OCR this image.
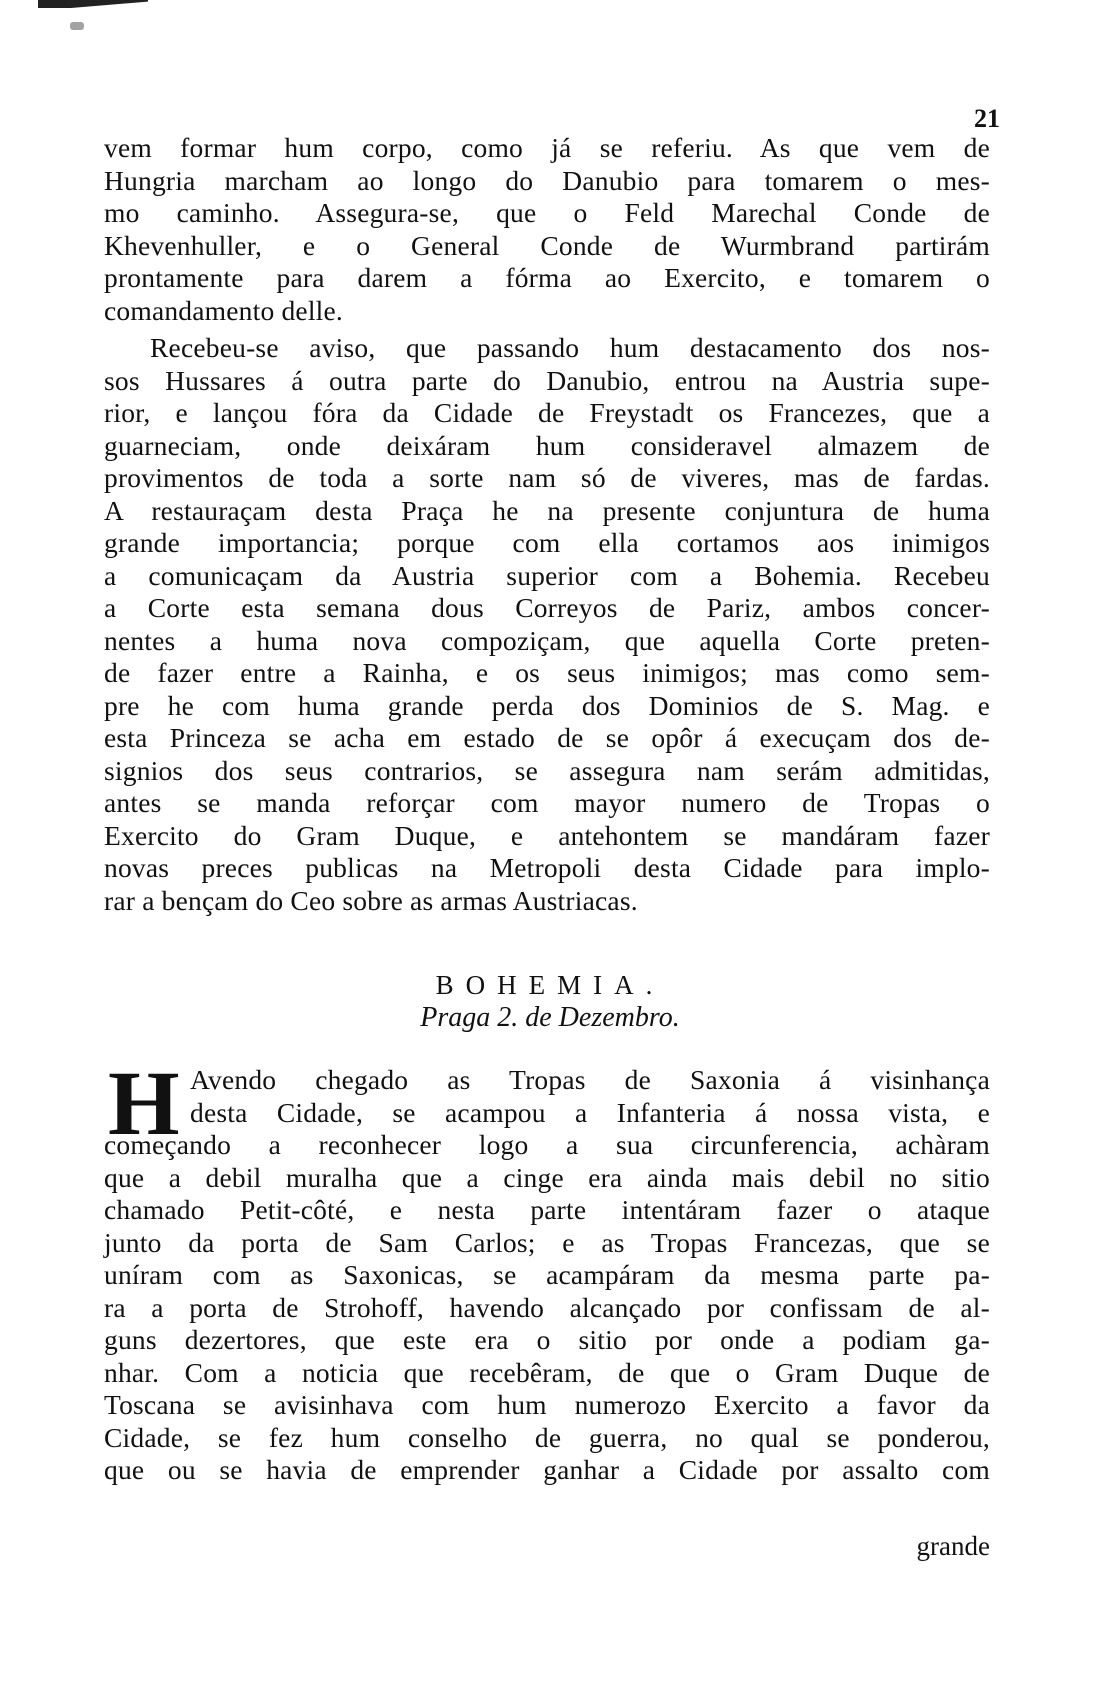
21
vem formar hum corpo, como já se referiu. As que vem de
Hungria marcham ao longo do Danubio para tomarem o mes-
mo caminho. Assegura-se, que o Feld Marechal Conde de
Khevenhuller, e o General Conde de Wurmbrand partirám
prontamente para darem a fórma ao Exercito, e tomarem o
comandamento delle.
Recebeu-se aviso, que passando hum destacamento dos nos-
sos Hussares á outra parte do Danubio, entrou na Austria supe-
rior, e lançou fóra da Cidade de Freystadt os Francezes, que a
guarneciam, onde deixáram hum consideravel almazem de
provimentos de toda a sorte nam só de viveres, mas de fardas.
A restauraçam desta Praça he na presente conjuntura de huma
grande importancia; porque com ella cortamos aos inimigos
a comunicaçam da Austria superior com a Bohemia. Recebeu
a Corte esta semana dous Correyos de Pariz, ambos concer-
nentes a huma nova compoziçam, que aquella Corte preten-
de fazer entre a Rainha, e os seus inimigos; mas como sem-
pre he com huma grande perda dos Dominios de S. Mag. e
esta Princeza se acha em estado de se opôr á execuçam dos de-
signios dos seus contrarios, se assegura nam serám admitidas,
antes se manda reforçar com mayor numero de Tropas o
Exercito do Gram Duque, e antehontem se mandáram fazer
novas preces publicas na Metropoli desta Cidade para implo-
rar a bençam do Ceo sobre as armas Austriacas.
BOHEMIA.
Praga 2. de Dezembro.
H Avendo chegado as Tropas de Saxonia á visinhança
desta Cidade, se acampou a Infanteria á nossa vista, e
começando a reconhecer logo a sua circunferencia, achàram
que a debil muralha que a cinge era ainda mais debil no sitio
chamado Petit-côté, e nesta parte intentáram fazer o ataque
junto da porta de Sam Carlos; e as Tropas Francezas, que se
uníram com as Saxonicas, se acampáram da mesma parte pa-
ra a porta de Strohoff, havendo alcançado por confissam de al-
guns dezertores, que este era o sitio por onde a podiam ga-
nhar. Com a noticia que recebêram, de que o Gram Duque de
Toscana se avisinhava com hum numerozo Exercito a favor da
Cidade, se fez hum conselho de guerra, no qual se ponderou,
que ou se havia de emprender ganhar a Cidade por assalto com
grande
